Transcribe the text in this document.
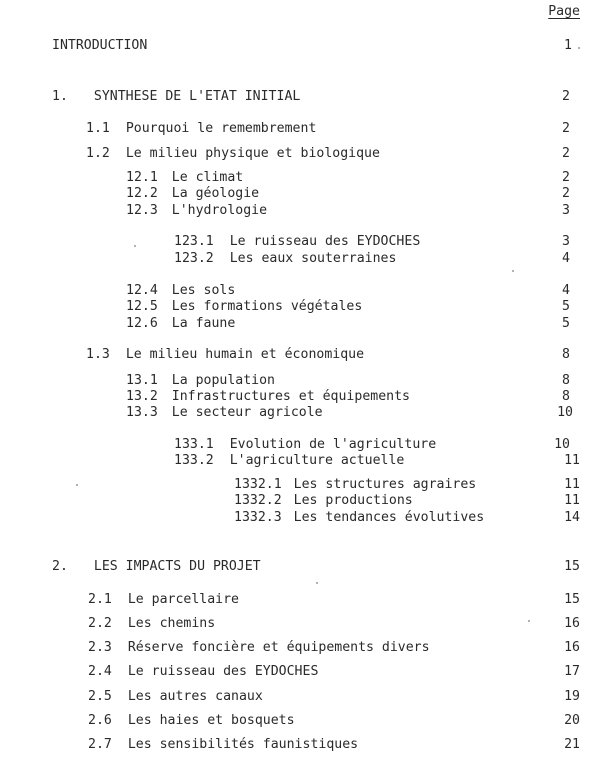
Page
INTRODUCTION	1
1. SYNTHESE DE L'ETAT INITIAL	2
1.1 Pourquoi le remembrement	2
1.2 Le milieu physique et biologique	2
12.1 Le climat	2
12.2 La géologie	2
12.3 L'hydrologie	3
123.1 Le ruisseau des EYDOCHES	3
123.2 Les eaux souterraines	4
12.4 Les sols	4
12.5 Les formations végétales	5
12.6 La faune	5
1.3 Le milieu humain et économique	8
13.1 La population	8
13.2 Infrastructures et équipements	8
13.3 Le secteur agricole	10
133.1 Evolution de l'agriculture	10
133.2 L'agriculture actuelle	11
1332.1 Les structures agraires	11
1332.2 Les productions	11
1332.3 Les tendances évolutives	14
2. LES IMPACTS DU PROJET	15
2.1 Le parcellaire	15
2.2 Les chemins	16
2.3 Réserve foncière et équipements divers	16
2.4 Le ruisseau des EYDOCHES	17
2.5 Les autres canaux	19
2.6 Les haies et bosquets	20
2.7 Les sensibilités faunistiques	21
